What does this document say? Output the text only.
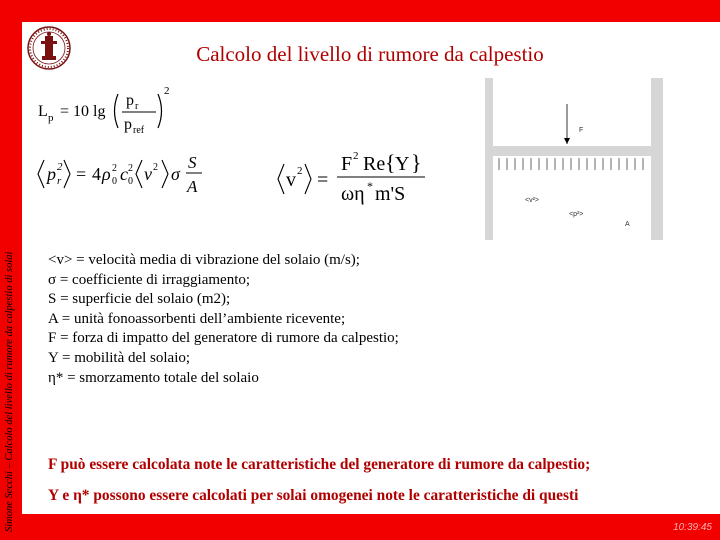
Simone Secchi – Calcolo del livello di rumore da calpestio di solai
Calcolo del livello di rumore da calpestio
L p = 10 lg
p r
p ref
2
p r
2 = 4 ρ 0
2 c 0
2 v 2 σ
S
A	v 2 =
F 2 Re { Y }
ωη * m'S
F
<v²>
<p²>
A
<v> = velocità media di vibrazione del solaio (m/s);
σ = coefficiente di irraggiamento;
S = superficie del solaio (m2);
A = unità fonoassorbenti dell’ambiente ricevente;
F = forza di impatto del generatore di rumore da calpestio;
Y = mobilità del solaio;
η* = smorzamento totale del solaio
F può essere calcolata note le caratteristiche del generatore di rumore da calpestio;
Y e η* possono essere calcolati per solai omogenei note le caratteristiche di questi
10:39:45
